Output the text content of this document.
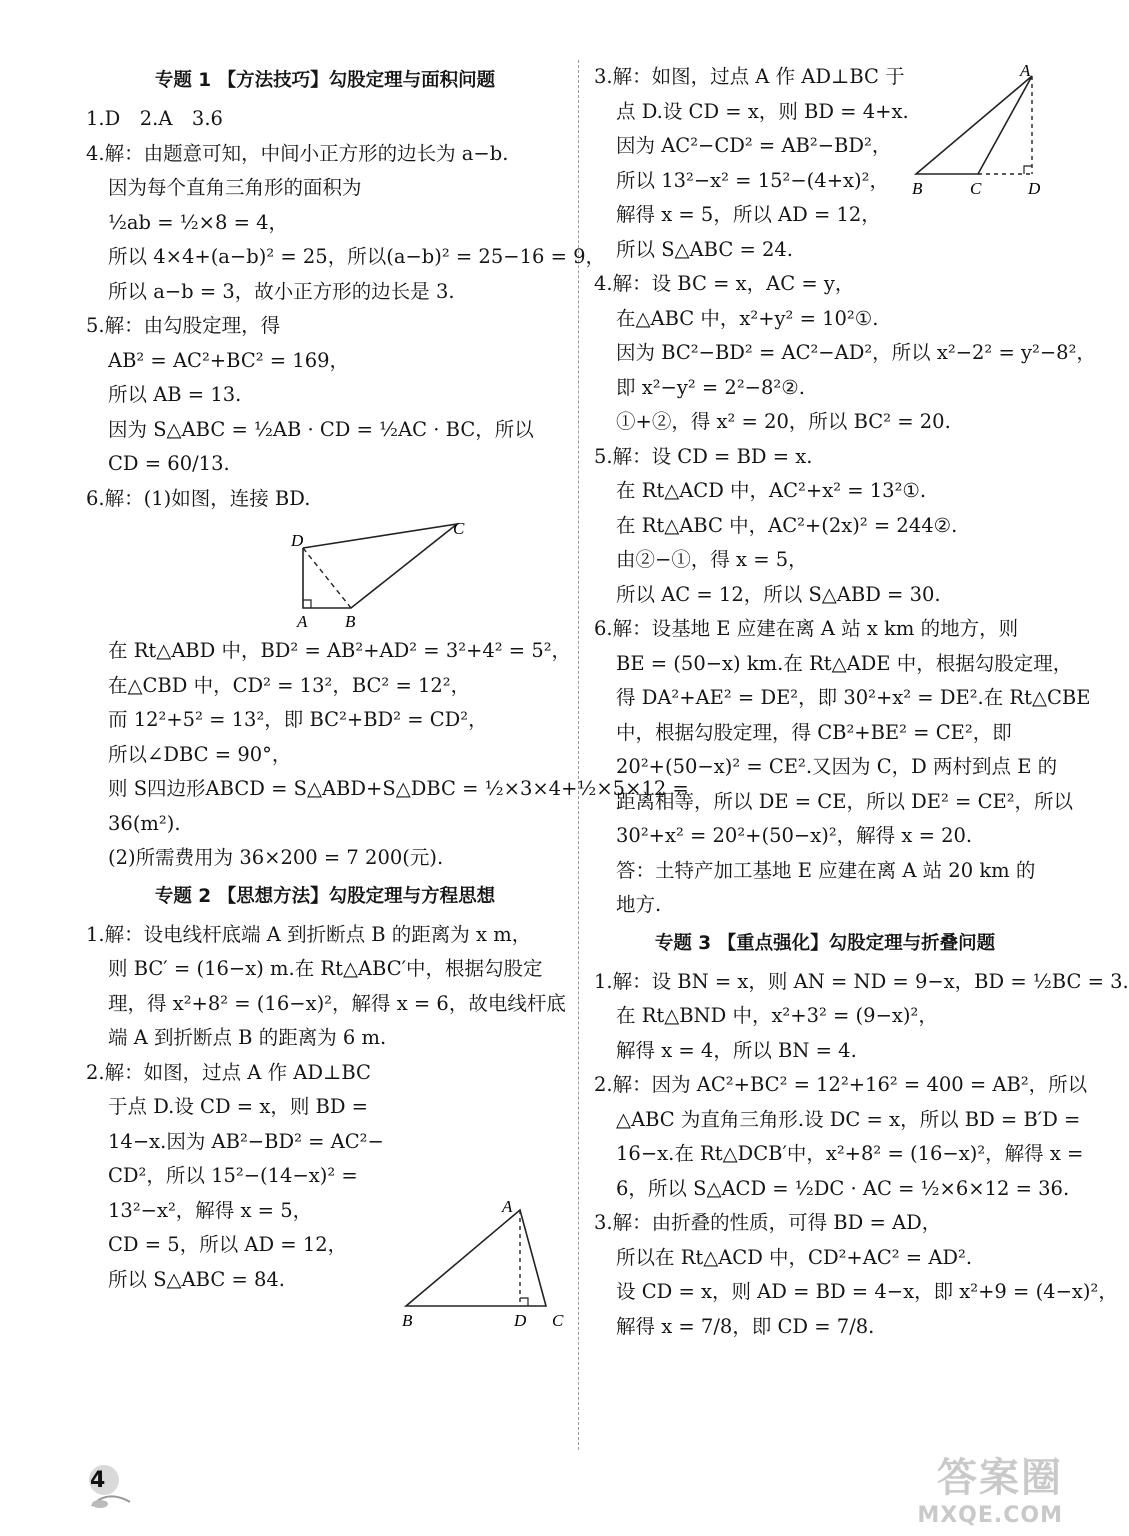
专题 1 【方法技巧】勾股定理与面积问题
1.D　2.A　3.6
4.解：由题意可知，中间小正方形的边长为 a−b.
因为每个直角三角形的面积为
½ab = ½×8 = 4，
所以 4×4+(a−b)² = 25，所以(a−b)² = 25−16 = 9，
所以 a−b = 3，故小正方形的边长是 3.
5.解：由勾股定理，得
AB² = AC²+BC² = 169，
所以 AB = 13.
因为 S△ABC = ½AB · CD = ½AC · BC，所以
CD = 60/13.
6.解：(1)如图，连接 BD.
D
A B
C
在 Rt△ABD 中，BD² = AB²+AD² = 3²+4² = 5²，
在△CBD 中，CD² = 13²，BC² = 12²，
而 12²+5² = 13²，即 BC²+BD² = CD²，
所以∠DBC = 90°，
则 S四边形ABCD = S△ABD+S△DBC = ½×3×4+½×5×12 =
36(m²).
(2)所需费用为 36×200 = 7 200(元).
专题 2 【思想方法】勾股定理与方程思想
1.解：设电线杆底端 A 到折断点 B 的距离为 x m，
则 BC′ = (16−x) m.在 Rt△ABC′中，根据勾股定
理，得 x²+8² = (16−x)²，解得 x = 6，故电线杆底
端 A 到折断点 B 的距离为 6 m.
2.解：如图，过点 A 作 AD⊥BC
于点 D.设 CD = x，则 BD =
14−x.因为 AB²−BD² = AC²−
CD²，所以 15²−(14−x)² =
13²−x²，解得 x = 5，
CD = 5，所以 AD = 12，
所以 S△ABC = 84.
3.解：如图，过点 A 作 AD⊥BC 于
点 D.设 CD = x，则 BD = 4+x.
因为 AC²−CD² = AB²−BD²，
所以 13²−x² = 15²−(4+x)²，
解得 x = 5，所以 AD = 12，
所以 S△ABC = 24.
4.解：设 BC = x，AC = y，
在△ABC 中，x²+y² = 10²①.
因为 BC²−BD² = AC²−AD²，所以 x²−2² = y²−8²，
即 x²−y² = 2²−8²②.
①+②，得 x² = 20，所以 BC² = 20.
5.解：设 CD = BD = x.
在 Rt△ACD 中，AC²+x² = 13²①.
在 Rt△ABC 中，AC²+(2x)² = 244②.
由②−①，得 x = 5，
所以 AC = 12，所以 S△ABD = 30.
6.解：设基地 E 应建在离 A 站 x km 的地方，则
BE = (50−x) km.在 Rt△ADE 中，根据勾股定理，
得 DA²+AE² = DE²，即 30²+x² = DE².在 Rt△CBE
中，根据勾股定理，得 CB²+BE² = CE²，即
20²+(50−x)² = CE².又因为 C，D 两村到点 E 的
距离相等，所以 DE = CE，所以 DE² = CE²，所以
30²+x² = 20²+(50−x)²，解得 x = 20.
答：土特产加工基地 E 应建在离 A 站 20 km 的
地方.
专题 3 【重点强化】勾股定理与折叠问题
1.解：设 BN = x，则 AN = ND = 9−x，BD = ½BC = 3.
在 Rt△BND 中，x²+3² = (9−x)²，
解得 x = 4，所以 BN = 4.
2.解：因为 AC²+BC² = 12²+16² = 400 = AB²，所以
△ABC 为直角三角形.设 DC = x，所以 BD = B′D =
16−x.在 Rt△DCB′中，x²+8² = (16−x)²，解得 x =
6，所以 S△ACD = ½DC · AC = ½×6×12 = 36.
3.解：由折叠的性质，可得 BD = AD，
所以在 Rt△ACD 中，CD²+AC² = AD².
设 CD = x，则 AD = BD = 4−x，即 x²+9 = (4−x)²，
解得 x = 7/8，即 CD = 7/8.
A
B	D C
A
B	C	D
4	答案圈
MXQE.COM
